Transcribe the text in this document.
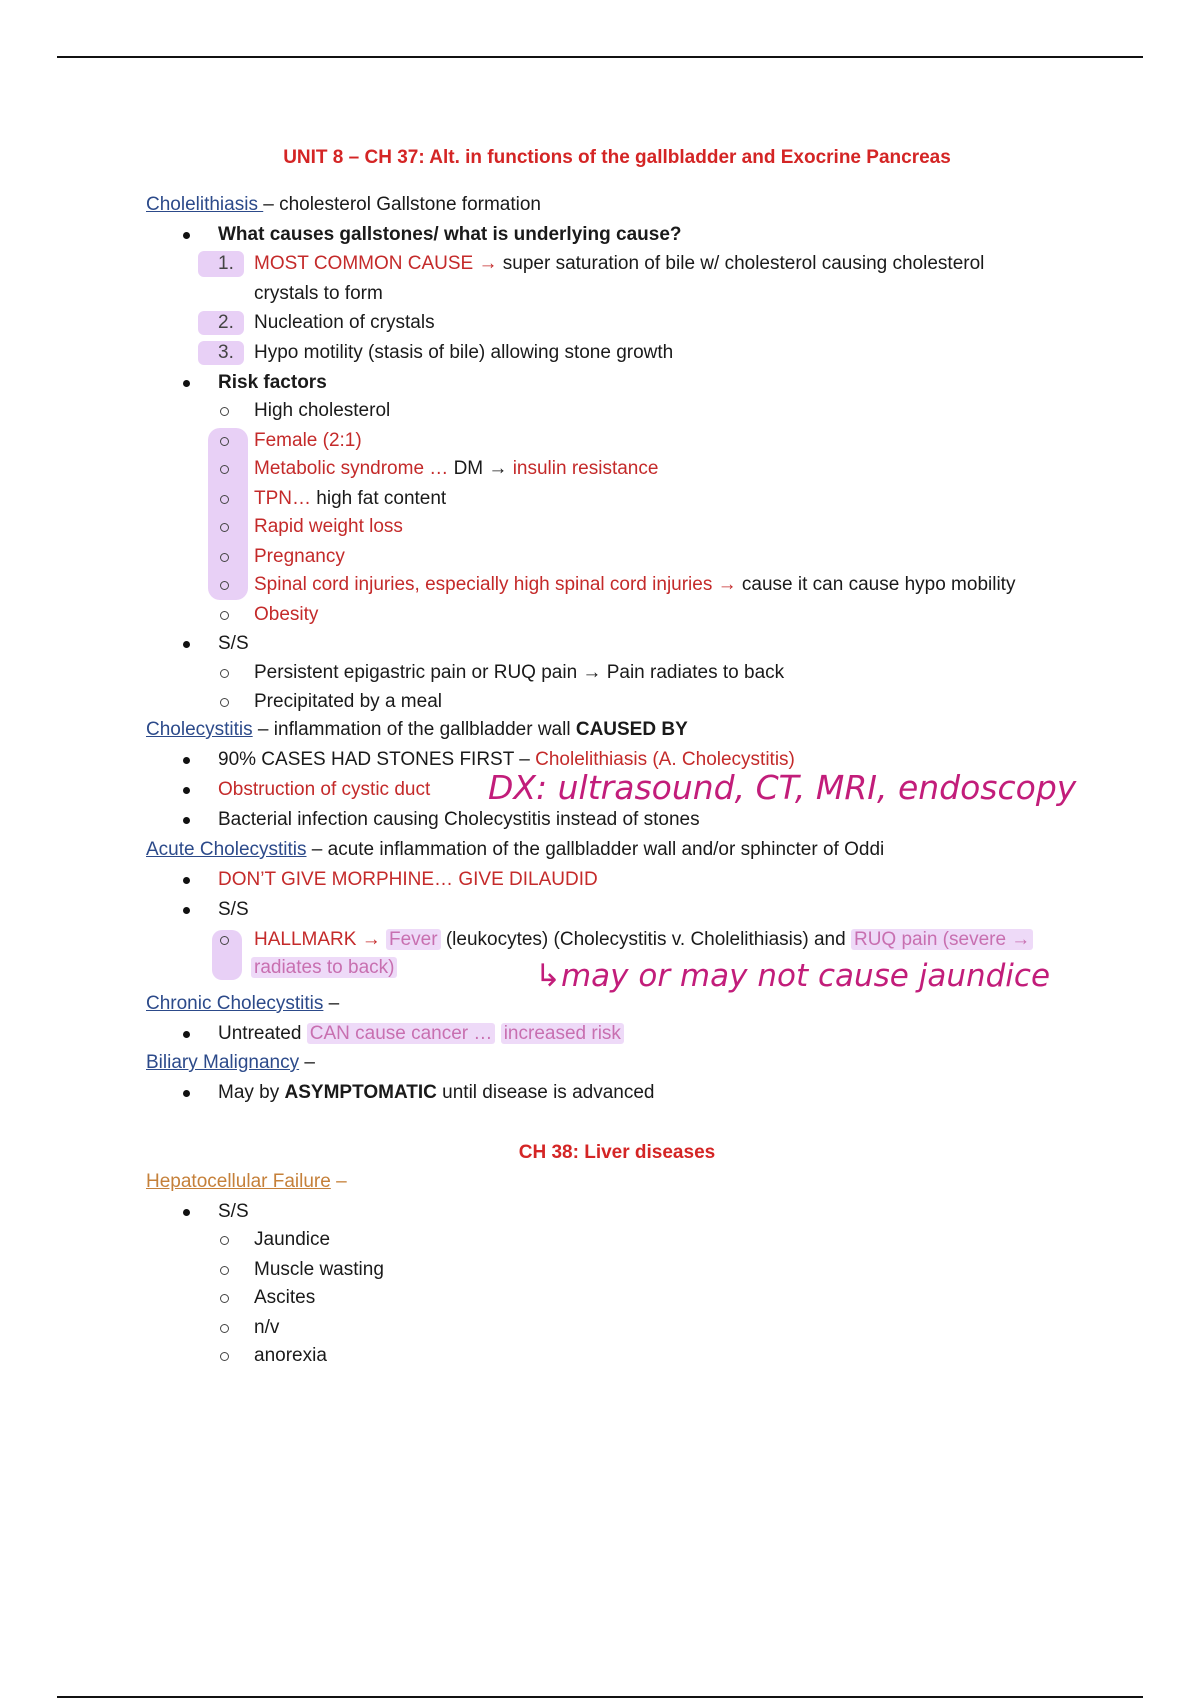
UNIT 8 – CH 37: Alt. in functions of the gallbladder and Exocrine Pancreas
Cholelithiasis – cholesterol Gallstone formation
What causes gallstones/ what is underlying cause?
1. MOST COMMON CAUSE → super saturation of bile w/ cholesterol causing cholesterol
crystals to form
2. Nucleation of crystals
3. Hypo motility (stasis of bile) allowing stone growth
Risk factors
High cholesterol
Female (2:1)
Metabolic syndrome … DM → insulin resistance
TPN… high fat content
Rapid weight loss
Pregnancy
Spinal cord injuries, especially high spinal cord injuries → cause it can cause hypo mobility
Obesity
S/S
Persistent epigastric pain or RUQ pain → Pain radiates to back
Precipitated by a meal
Cholecystitis – inflammation of the gallbladder wall CAUSED BY
90% CASES HAD STONES FIRST – Cholelithiasis (A. Cholecystitis)
Obstruction of cystic duct DX: ultrasound, CT, MRI, endoscopy
Bacterial infection causing Cholecystitis instead of stones
Acute Cholecystitis – acute inflammation of the gallbladder wall and/or sphincter of Oddi
DON’T GIVE MORPHINE… GIVE DILAUDID
S/S
HALLMARK → Fever (leukocytes) (Cholecystitis v. Cholelithiasis) and RUQ pain (severe →
radiates to back)	↳may or may not cause jaundice
Chronic Cholecystitis –
Untreated CAN cause cancer … increased risk
Biliary Malignancy –
May by ASYMPTOMATIC until disease is advanced
CH 38: Liver diseases
Hepatocellular Failure –
S/S
Jaundice
Muscle wasting
Ascites
n/v
anorexia
